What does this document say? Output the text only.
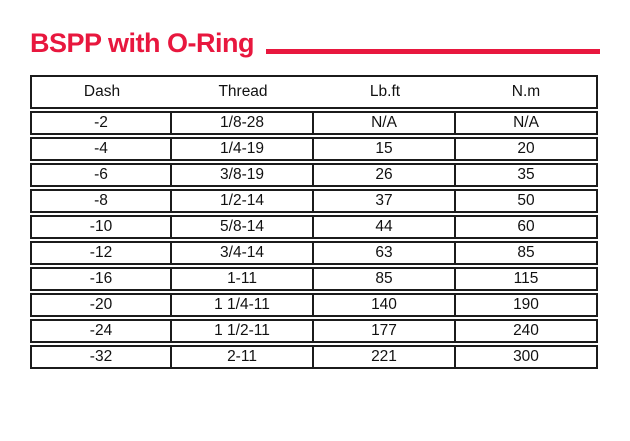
BSPP with O-Ring
Dash	Thread	Lb.ft	N.m
-2	1/8-28	N/A	N/A
-4	1/4-19	15	20
-6	3/8-19	26	35
-8	1/2-14	37	50
-10	5/8-14	44	60
-12	3/4-14	63	85
-16	1-11	85	115
-20	1 1/4-11	140	190
-24	1 1/2-11	177	240
-32	2-11	221	300
